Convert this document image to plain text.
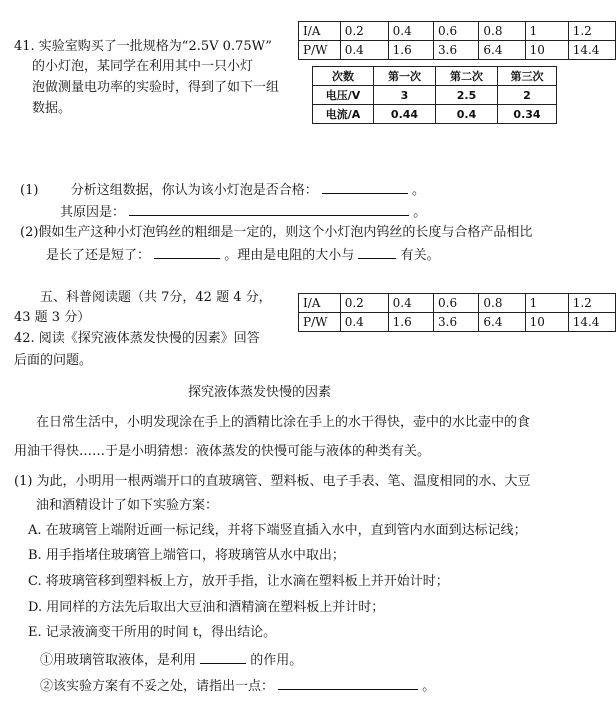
I/A	0.2	0.4	0.6	0.8	1	1.2
P/W	0.4	1.6	3.6	6.4	10	14.4
41. 实验室购买了一批规格为“2.5V 0.75W”
的小灯泡，某同学在利用其中一只小灯
泡做测量电功率的实验时，得到了如下一组
数据。
次数	第一次	第二次	第三次
电压/V	3	2.5	2
电流/A	0.44	0.4	0.34
(1) 分析这组数据，你认为该小灯泡是否合格：	。
其原因是：	。
(2)假如生产这种小灯泡钨丝的粗细是一定的，则这个小灯泡内钨丝的长度与合格产品相比
是长了还是短了：	。理由是电阻的大小与	有关。
五、科普阅读题（共 7分，42 题 4 分，
43 题 3 分）
I/A	0.2	0.4	0.6	0.8	1	1.2
P/W	0.4	1.6	3.6	6.4	10	14.4
42. 阅读《探究液体蒸发快慢的因素》回答
后面的问题。
探究液体蒸发快慢的因素
在日常生活中，小明发现涂在手上的酒精比涂在手上的水干得快，壶中的水比壶中的食
用油干得快……于是小明猜想：液体蒸发的快慢可能与液体的种类有关。
(1) 为此，小明用一根两端开口的直玻璃管、塑料板、电子手表、笔、温度相同的水、大豆
油和酒精设计了如下实验方案：
A. 在玻璃管上端附近画一标记线，并将下端竖直插入水中，直到管内水面到达标记线；
B. 用手指堵住玻璃管上端管口，将玻璃管从水中取出；
C. 将玻璃管移到塑料板上方，放开手指，让水滴在塑料板上并开始计时；
D. 用同样的方法先后取出大豆油和酒精滴在塑料板上并计时；
E. 记录液滴变干所用的时间 t，得出结论。
①用玻璃管取液体，是利用	的作用。
②该实验方案有不妥之处，请指出一点：	。
